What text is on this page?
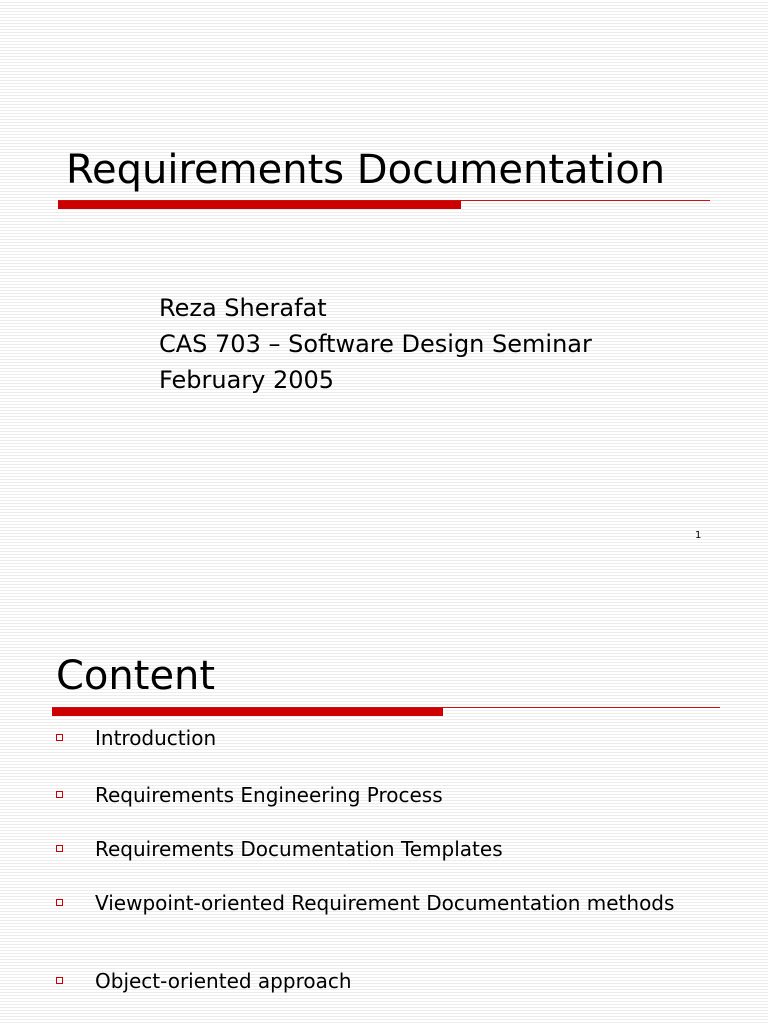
Requirements Documentation
Reza Sherafat
CAS 703 – Software Design Seminar
February 2005
1
Content
Introduction
Requirements Engineering Process
Requirements Documentation Templates
Viewpoint-oriented Requirement Documentation methods
Object-oriented approach
